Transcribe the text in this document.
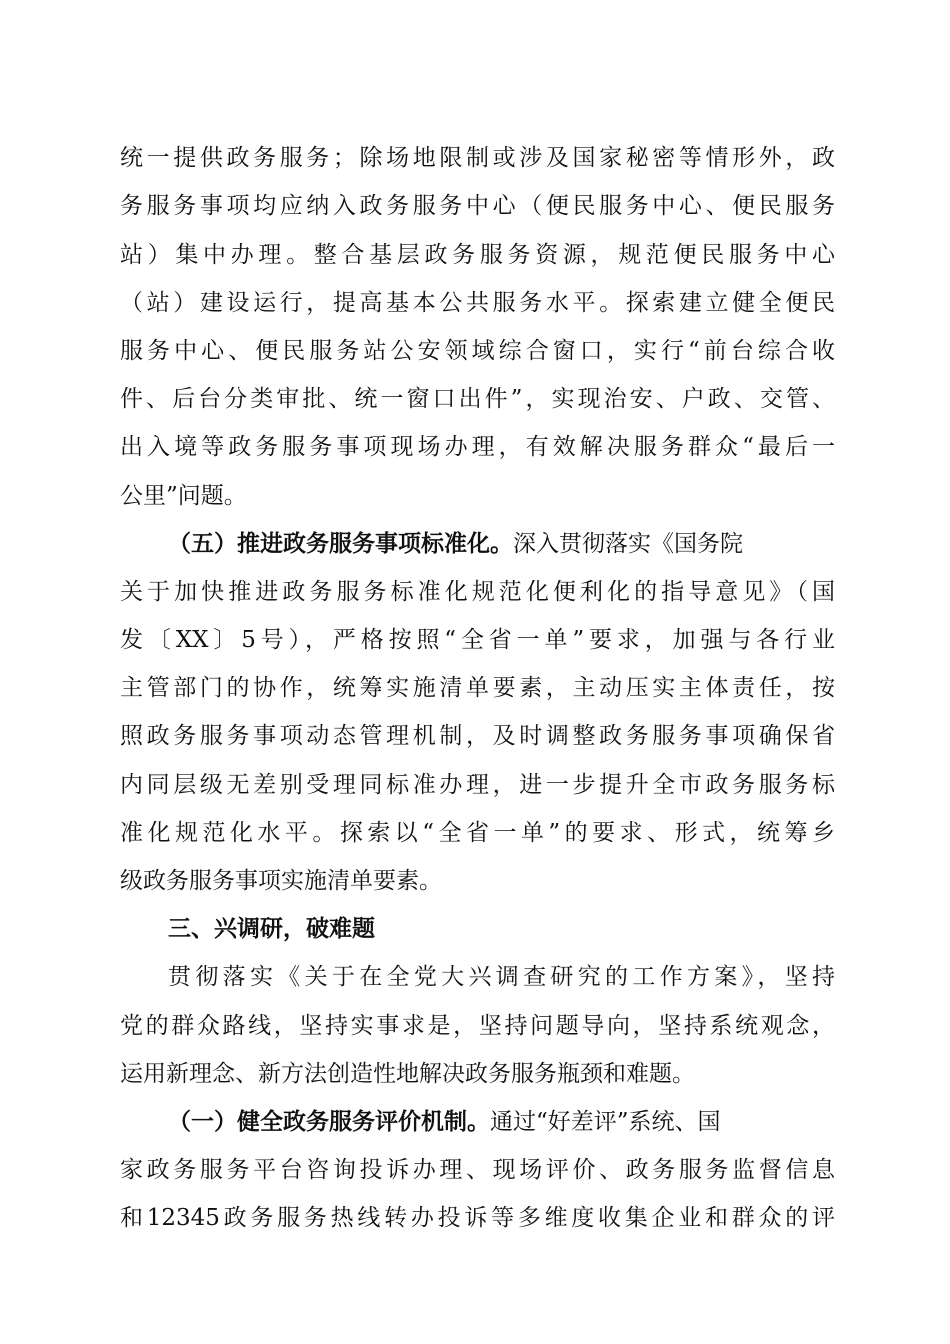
统一提供政务服务；除场地限制或涉及国家秘密等情形外，政
务服务事项均应纳入政务服务中心（便民服务中心、便民服务
站）集中办理。整合基层政务服务资源，规范便民服务中心
（站）建设运行，提高基本公共服务水平。探索建立健全便民
服务中心、便民服务站公安领域综合窗口，实行“前台综合收
件、后台分类审批、统一窗口出件”，实现治安、户政、交管、
出入境等政务服务事项现场办理，有效解决服务群众“最后一
公里”问题。
（五）推进政务服务事项标准化。深入贯彻落实《国务院
关于加快推进政务服务标准化规范化便利化的指导意见》（国
发〔XX〕5号），严格按照“全省一单”要求，加强与各行业
主管部门的协作，统筹实施清单要素，主动压实主体责任，按
照政务服务事项动态管理机制，及时调整政务服务事项确保省
内同层级无差别受理同标准办理，进一步提升全市政务服务标
准化规范化水平。探索以“全省一单”的要求、形式，统筹乡
级政务服务事项实施清单要素。
三、兴调研，破难题
贯彻落实《关于在全党大兴调查研究的工作方案》，坚持
党的群众路线，坚持实事求是，坚持问题导向，坚持系统观念，
运用新理念、新方法创造性地解决政务服务瓶颈和难题。
（一）健全政务服务评价机制。通过“好差评”系统、国
家政务服务平台咨询投诉办理、现场评价、政务服务监督信息
和12345政务服务热线转办投诉等多维度收集企业和群众的评
